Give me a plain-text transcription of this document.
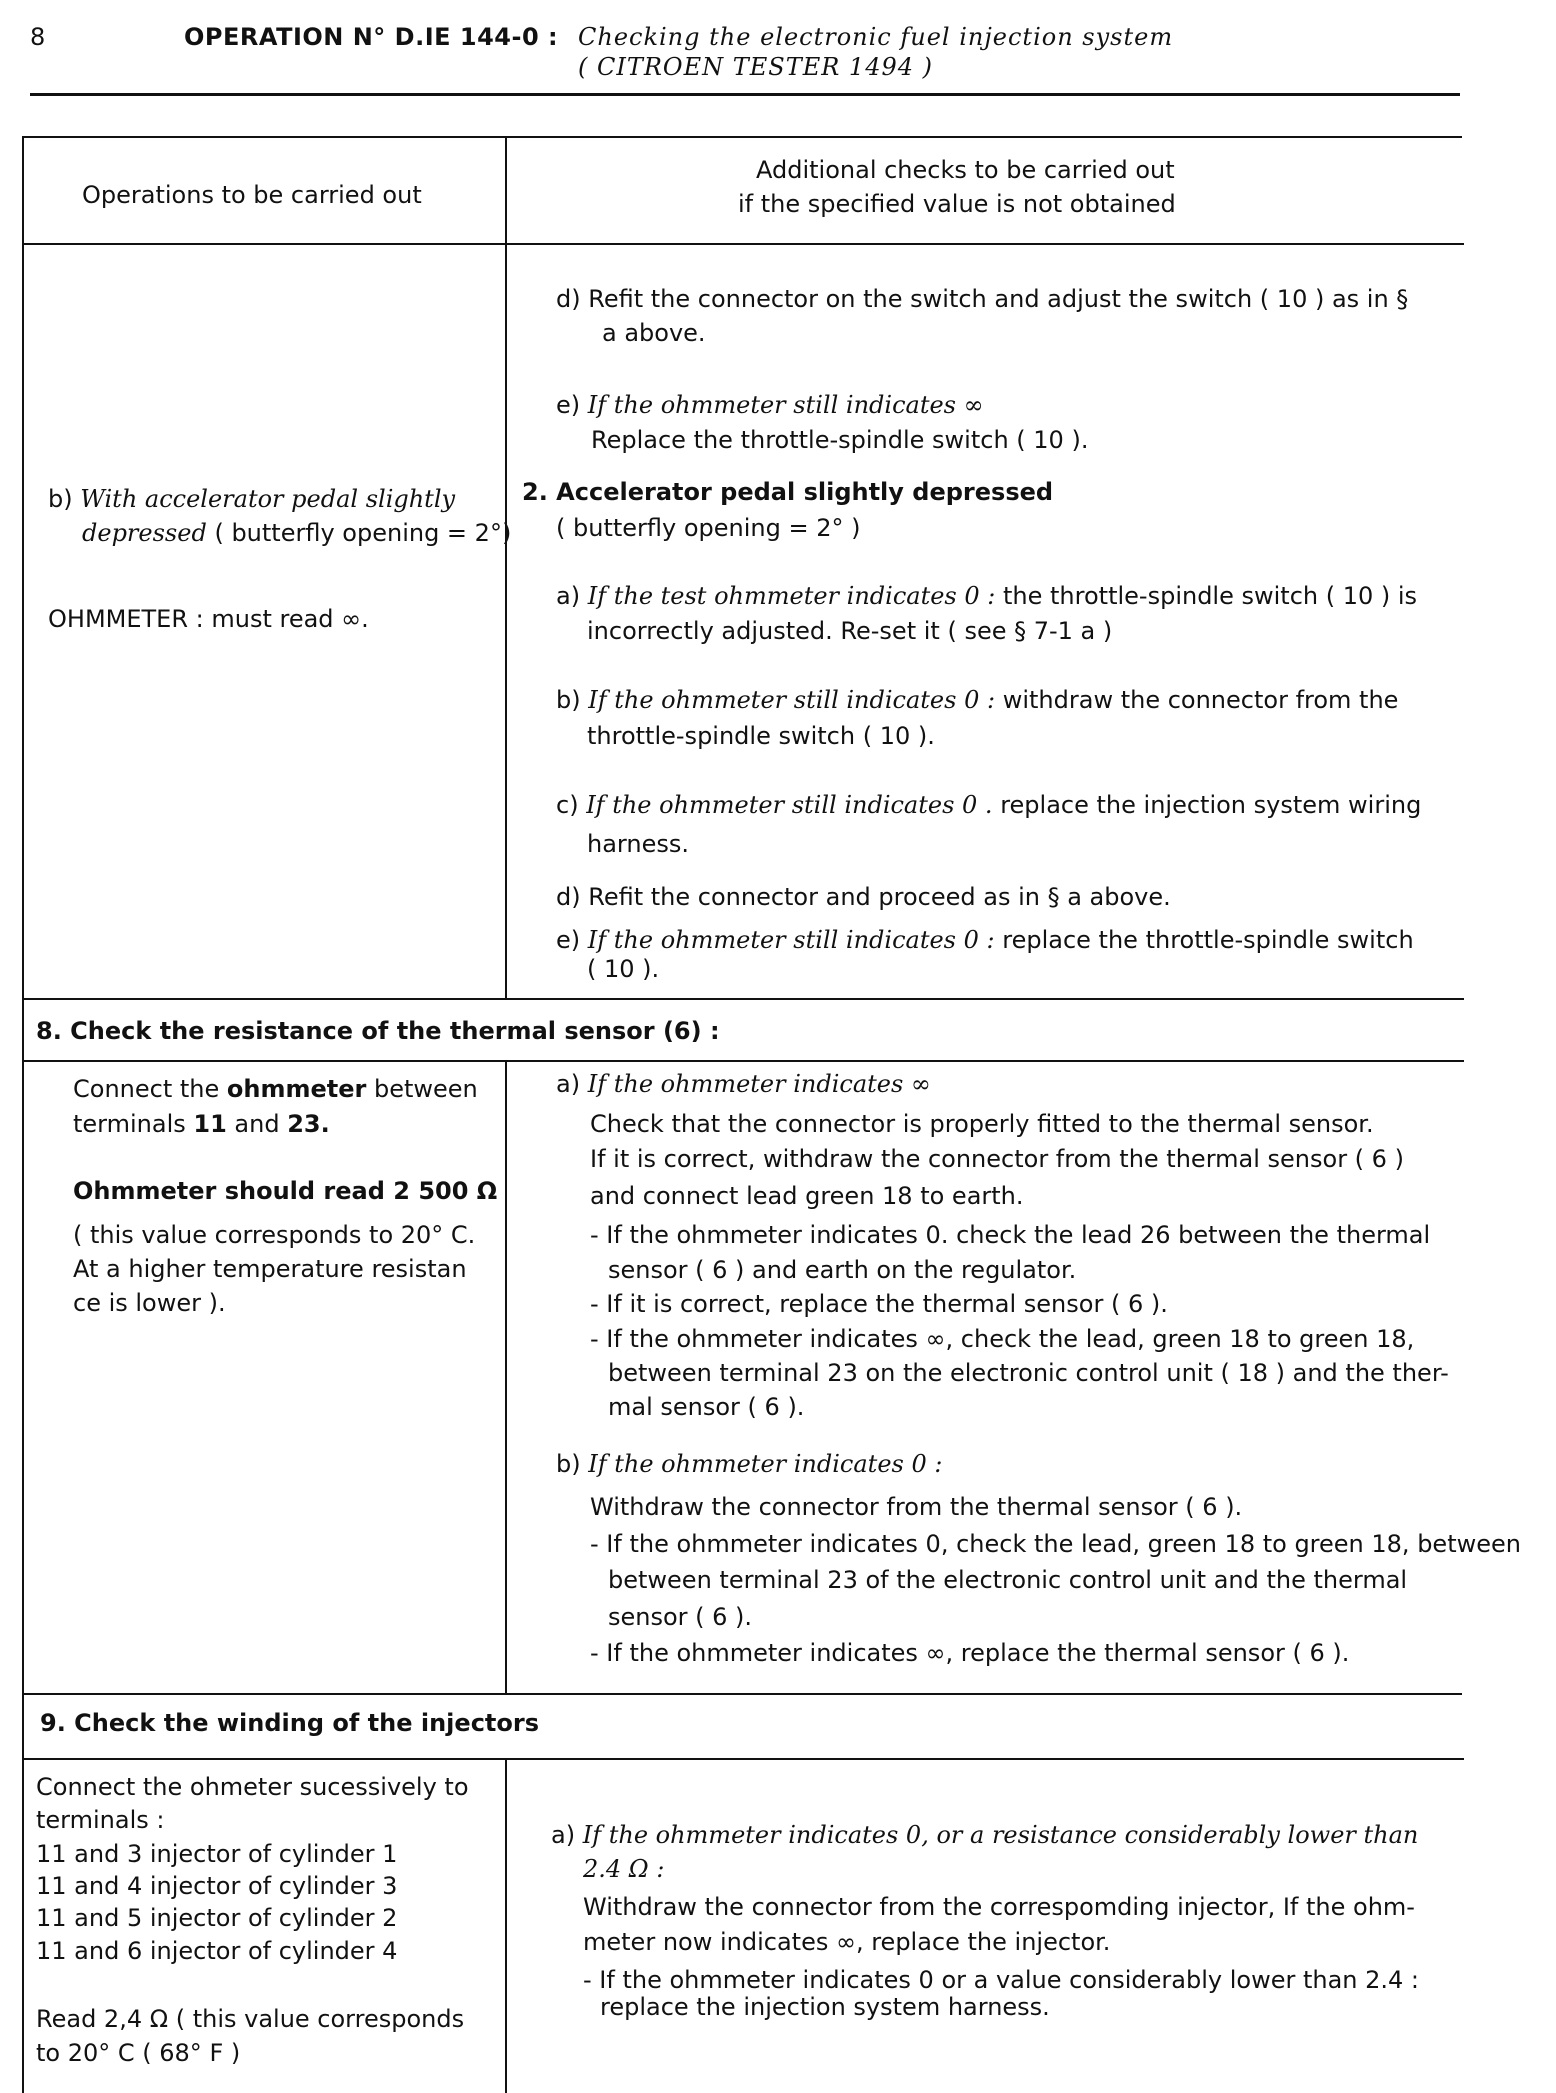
8	OPERATION N° D.IE 144-0 : Checking the electronic fuel injection system
( CITROEN TESTER 1494 )
Operations to be carried out
Additional checks to be carried out
if the specified value is not obtained
d) Refit the connector on the switch and adjust the switch ( 10 ) as in §
a above.
e) If the ohmmeter still indicates ∞
Replace the throttle-spindle switch ( 10 ).
b) With accelerator pedal slightly
depressed ( butterfly opening = 2°)
OHMMETER : must read ∞.
2. Accelerator pedal slightly depressed
( butterfly opening = 2° )
a) If the test ohmmeter indicates 0 : the throttle-spindle switch ( 10 ) is
incorrectly adjusted. Re-set it ( see § 7-1 a )
b) If the ohmmeter still indicates 0 : withdraw the connector from the
throttle-spindle switch ( 10 ).
c) If the ohmmeter still indicates 0 . replace the injection system wiring
harness.
d) Refit the connector and proceed as in § a above.
e) If the ohmmeter still indicates 0 : replace the throttle-spindle switch
( 10 ).
8. Check the resistance of the thermal sensor (6) :
Connect the ohmmeter between
terminals 11 and 23.
Ohmmeter should read 2 500 Ω
( this value corresponds to 20° C.
At a higher temperature resistan
ce is lower ).
a) If the ohmmeter indicates ∞
Check that the connector is properly fitted to the thermal sensor.
If it is correct, withdraw the connector from the thermal sensor ( 6 )
and connect lead green 18 to earth.
- If the ohmmeter indicates 0. check the lead 26 between the thermal
sensor ( 6 ) and earth on the regulator.
- If it is correct, replace the thermal sensor ( 6 ).
- If the ohmmeter indicates ∞, check the lead, green 18 to green 18,
between terminal 23 on the electronic control unit ( 18 ) and the ther-
mal sensor ( 6 ).
b) If the ohmmeter indicates 0 :
Withdraw the connector from the thermal sensor ( 6 ).
- If the ohmmeter indicates 0, check the lead, green 18 to green 18, between
between terminal 23 of the electronic control unit and the thermal
sensor ( 6 ).
- If the ohmmeter indicates ∞, replace the thermal sensor ( 6 ).
9. Check the winding of the injectors
Connect the ohmeter sucessively to
terminals :
11 and 3 injector of cylinder 1
11 and 4 injector of cylinder 3
11 and 5 injector of cylinder 2
11 and 6 injector of cylinder 4
Read 2,4 Ω ( this value corresponds
to 20° C ( 68° F )
a) If the ohmmeter indicates 0, or a resistance considerably lower than
2.4 Ω :
Withdraw the connector from the correspomding injector, If the ohm-
meter now indicates ∞, replace the injector.
- If the ohmmeter indicates 0 or a value considerably lower than 2.4 :
replace the injection system harness.
